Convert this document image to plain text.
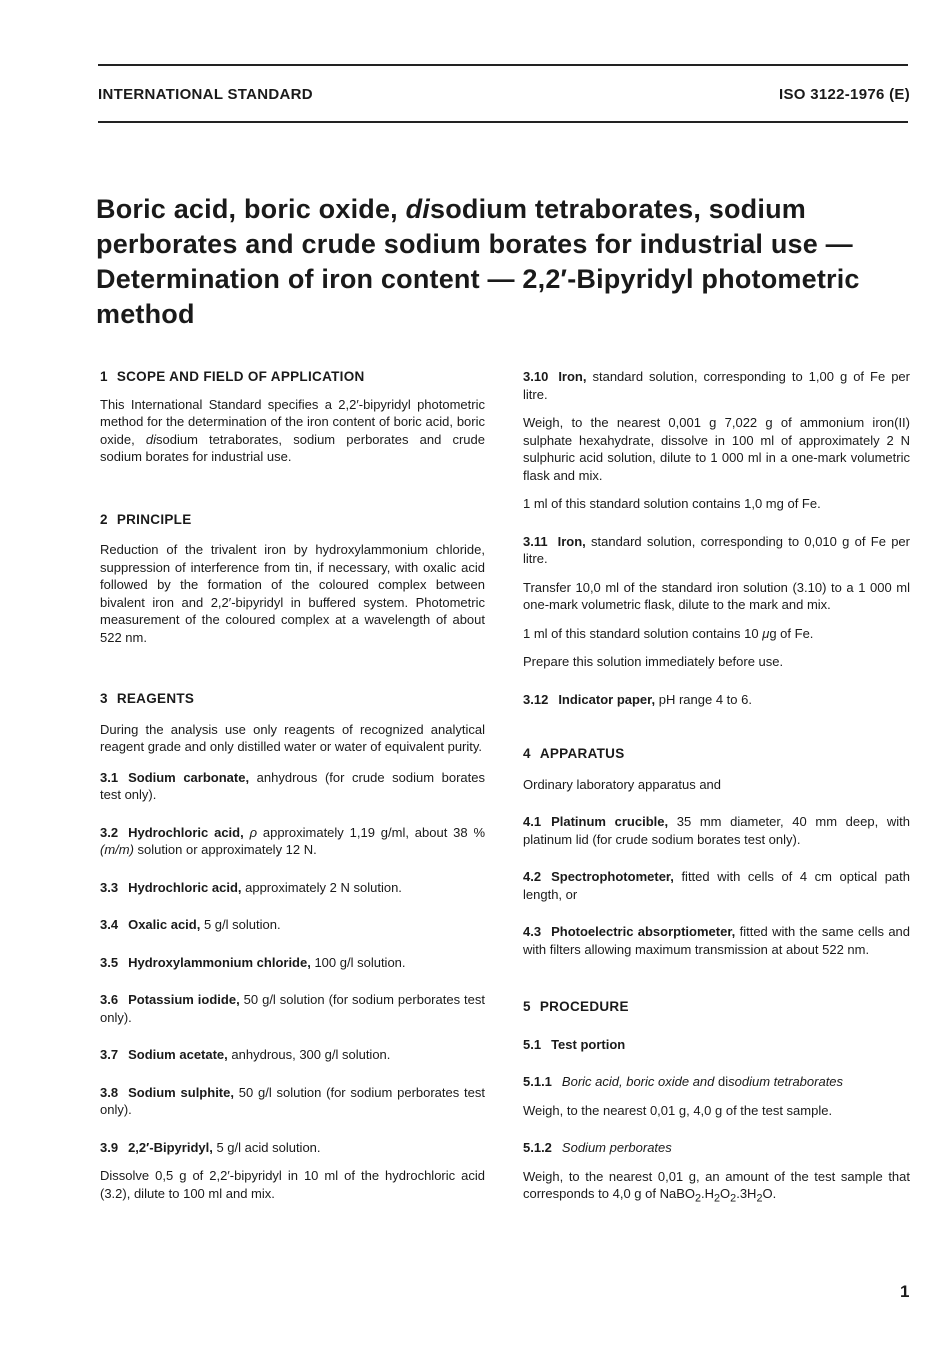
INTERNATIONAL STANDARD	ISO 3122-1976 (E)
Boric acid, boric oxide, disodium tetraborates, sodium perborates and crude sodium borates for industrial use — Determination of iron content — 2,2′-Bipyridyl photometric method
1 SCOPE AND FIELD OF APPLICATION

This International Standard specifies a 2,2′-bipyridyl photometric method for the determination of the iron content of boric acid, boric oxide, disodium tetraborates, sodium perborates and crude sodium borates for industrial use.

2 PRINCIPLE

Reduction of the trivalent iron by hydroxylammonium chloride, suppression of interference from tin, if necessary, with oxalic acid followed by the formation of the coloured complex between bivalent iron and 2,2′-bipyridyl in buffered system. Photometric measurement of the coloured complex at a wavelength of about 522 nm.

3 REAGENTS

During the analysis use only reagents of recognized analytical reagent grade and only distilled water or water of equivalent purity.

3.1 Sodium carbonate, anhydrous (for crude sodium borates test only).

3.2 Hydrochloric acid, ρ approximately 1,19 g/ml, about 38 % (m/m) solution or approximately 12 N.

3.3 Hydrochloric acid, approximately 2 N solution.

3.4 Oxalic acid, 5 g/l solution.

3.5 Hydroxylammonium chloride, 100 g/l solution.

3.6 Potassium iodide, 50 g/l solution (for sodium perborates test only).

3.7 Sodium acetate, anhydrous, 300 g/l solution.

3.8 Sodium sulphite, 50 g/l solution (for sodium perborates test only).

3.9 2,2′-Bipyridyl, 5 g/l acid solution.

Dissolve 0,5 g of 2,2′-bipyridyl in 10 ml of the hydrochloric acid (3.2), dilute to 100 ml and mix.

3.10 Iron, standard solution, corresponding to 1,00 g of Fe per litre.

Weigh, to the nearest 0,001 g 7,022 g of ammonium iron(II) sulphate hexahydrate, dissolve in 100 ml of approximately 2 N sulphuric acid solution, dilute to 1 000 ml in a one-mark volumetric flask and mix.

1 ml of this standard solution contains 1,0 mg of Fe.

3.11 Iron, standard solution, corresponding to 0,010 g of Fe per litre.

Transfer 10,0 ml of the standard iron solution (3.10) to a 1 000 ml one-mark volumetric flask, dilute to the mark and mix.

1 ml of this standard solution contains 10 μg of Fe.

Prepare this solution immediately before use.

3.12 Indicator paper, pH range 4 to 6.

4 APPARATUS

Ordinary laboratory apparatus and

4.1 Platinum crucible, 35 mm diameter, 40 mm deep, with platinum lid (for crude sodium borates test only).

4.2 Spectrophotometer, fitted with cells of 4 cm optical path length, or

4.3 Photoelectric absorptiometer, fitted with the same cells and with filters allowing maximum transmission at about 522 nm.

5 PROCEDURE

5.1 Test portion

5.1.1 Boric acid, boric oxide and disodium tetraborates

Weigh, to the nearest 0,01 g, 4,0 g of the test sample.

5.1.2 Sodium perborates

Weigh, to the nearest 0,01 g, an amount of the test sample that corresponds to 4,0 g of $NaBO_2.H_2O_2.3H_2O$.

1
